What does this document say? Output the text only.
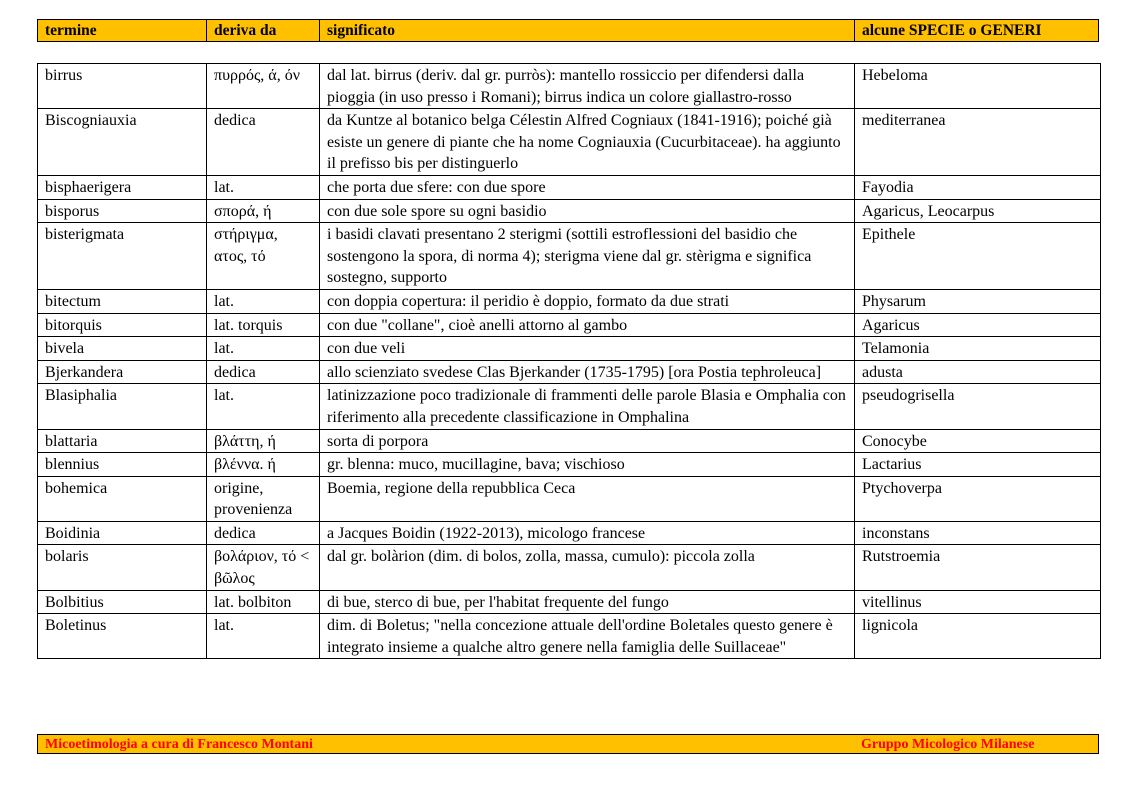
termine	deriva da	significato	alcune SPECIE o GENERI
birrus	πυρρός, ά, όν	dal lat. birrus (deriv. dal gr. purròs): mantello rossiccio per difendersi dalla pioggia (in uso presso i Romani); birrus indica un colore giallastro-rosso	Hebeloma
Biscogniauxia	dedica	da Kuntze al botanico belga Célestin Alfred Cogniaux (1841-1916); poiché già esiste un genere di piante che ha nome Cogniauxia (Cucurbitaceae). ha aggiunto il prefisso bis per distinguerlo	mediterranea
bisphaerigera	lat.	che porta due sfere: con due spore	Fayodia
bisporus	σπορά, ή	con due sole spore su ogni basidio	Agaricus, Leocarpus
bisterigmata	στήριγμα, ατος, τό	i basidi clavati presentano 2 sterigmi (sottili estroflessioni del basidio che sostengono la spora, di norma 4); sterigma viene dal gr. stèrigma e significa sostegno, supporto	Epithele
bitectum	lat.	con doppia copertura: il peridio è doppio, formato da due strati	Physarum
bitorquis	lat. torquis	con due "collane", cioè anelli attorno al gambo	Agaricus
bivela	lat.	con due veli	Telamonia
Bjerkandera	dedica	allo scienziato svedese Clas Bjerkander (1735-1795) [ora Postia tephroleuca]	adusta
Blasiphalia	lat.	latinizzazione poco tradizionale di frammenti delle parole Blasia e Omphalia con riferimento alla precedente classificazione in Omphalina	pseudogrisella
blattaria	βλάττη, ή	sorta di porpora	Conocybe
blennius	βλέννα. ή	gr. blenna: muco, mucillagine, bava; vischioso	Lactarius
bohemica	origine, provenienza	Boemia, regione della repubblica Ceca	Ptychoverpa
Boidinia	dedica	a Jacques Boidin (1922-2013), micologo francese	inconstans
bolaris	βολάριον, τό < βῶλος	dal gr. bolàrion (dim. di bolos, zolla, massa, cumulo): piccola zolla	Rutstroemia
Bolbitius	lat. bolbiton	di bue, sterco di bue, per l'habitat frequente del fungo	vitellinus
Boletinus	lat.	dim. di Boletus; "nella concezione attuale dell'ordine Boletales questo genere è integrato insieme a qualche altro genere nella famiglia delle Suillaceae"	lignicola
Micoetimologia a cura di Francesco Montani	Gruppo Micologico Milanese
